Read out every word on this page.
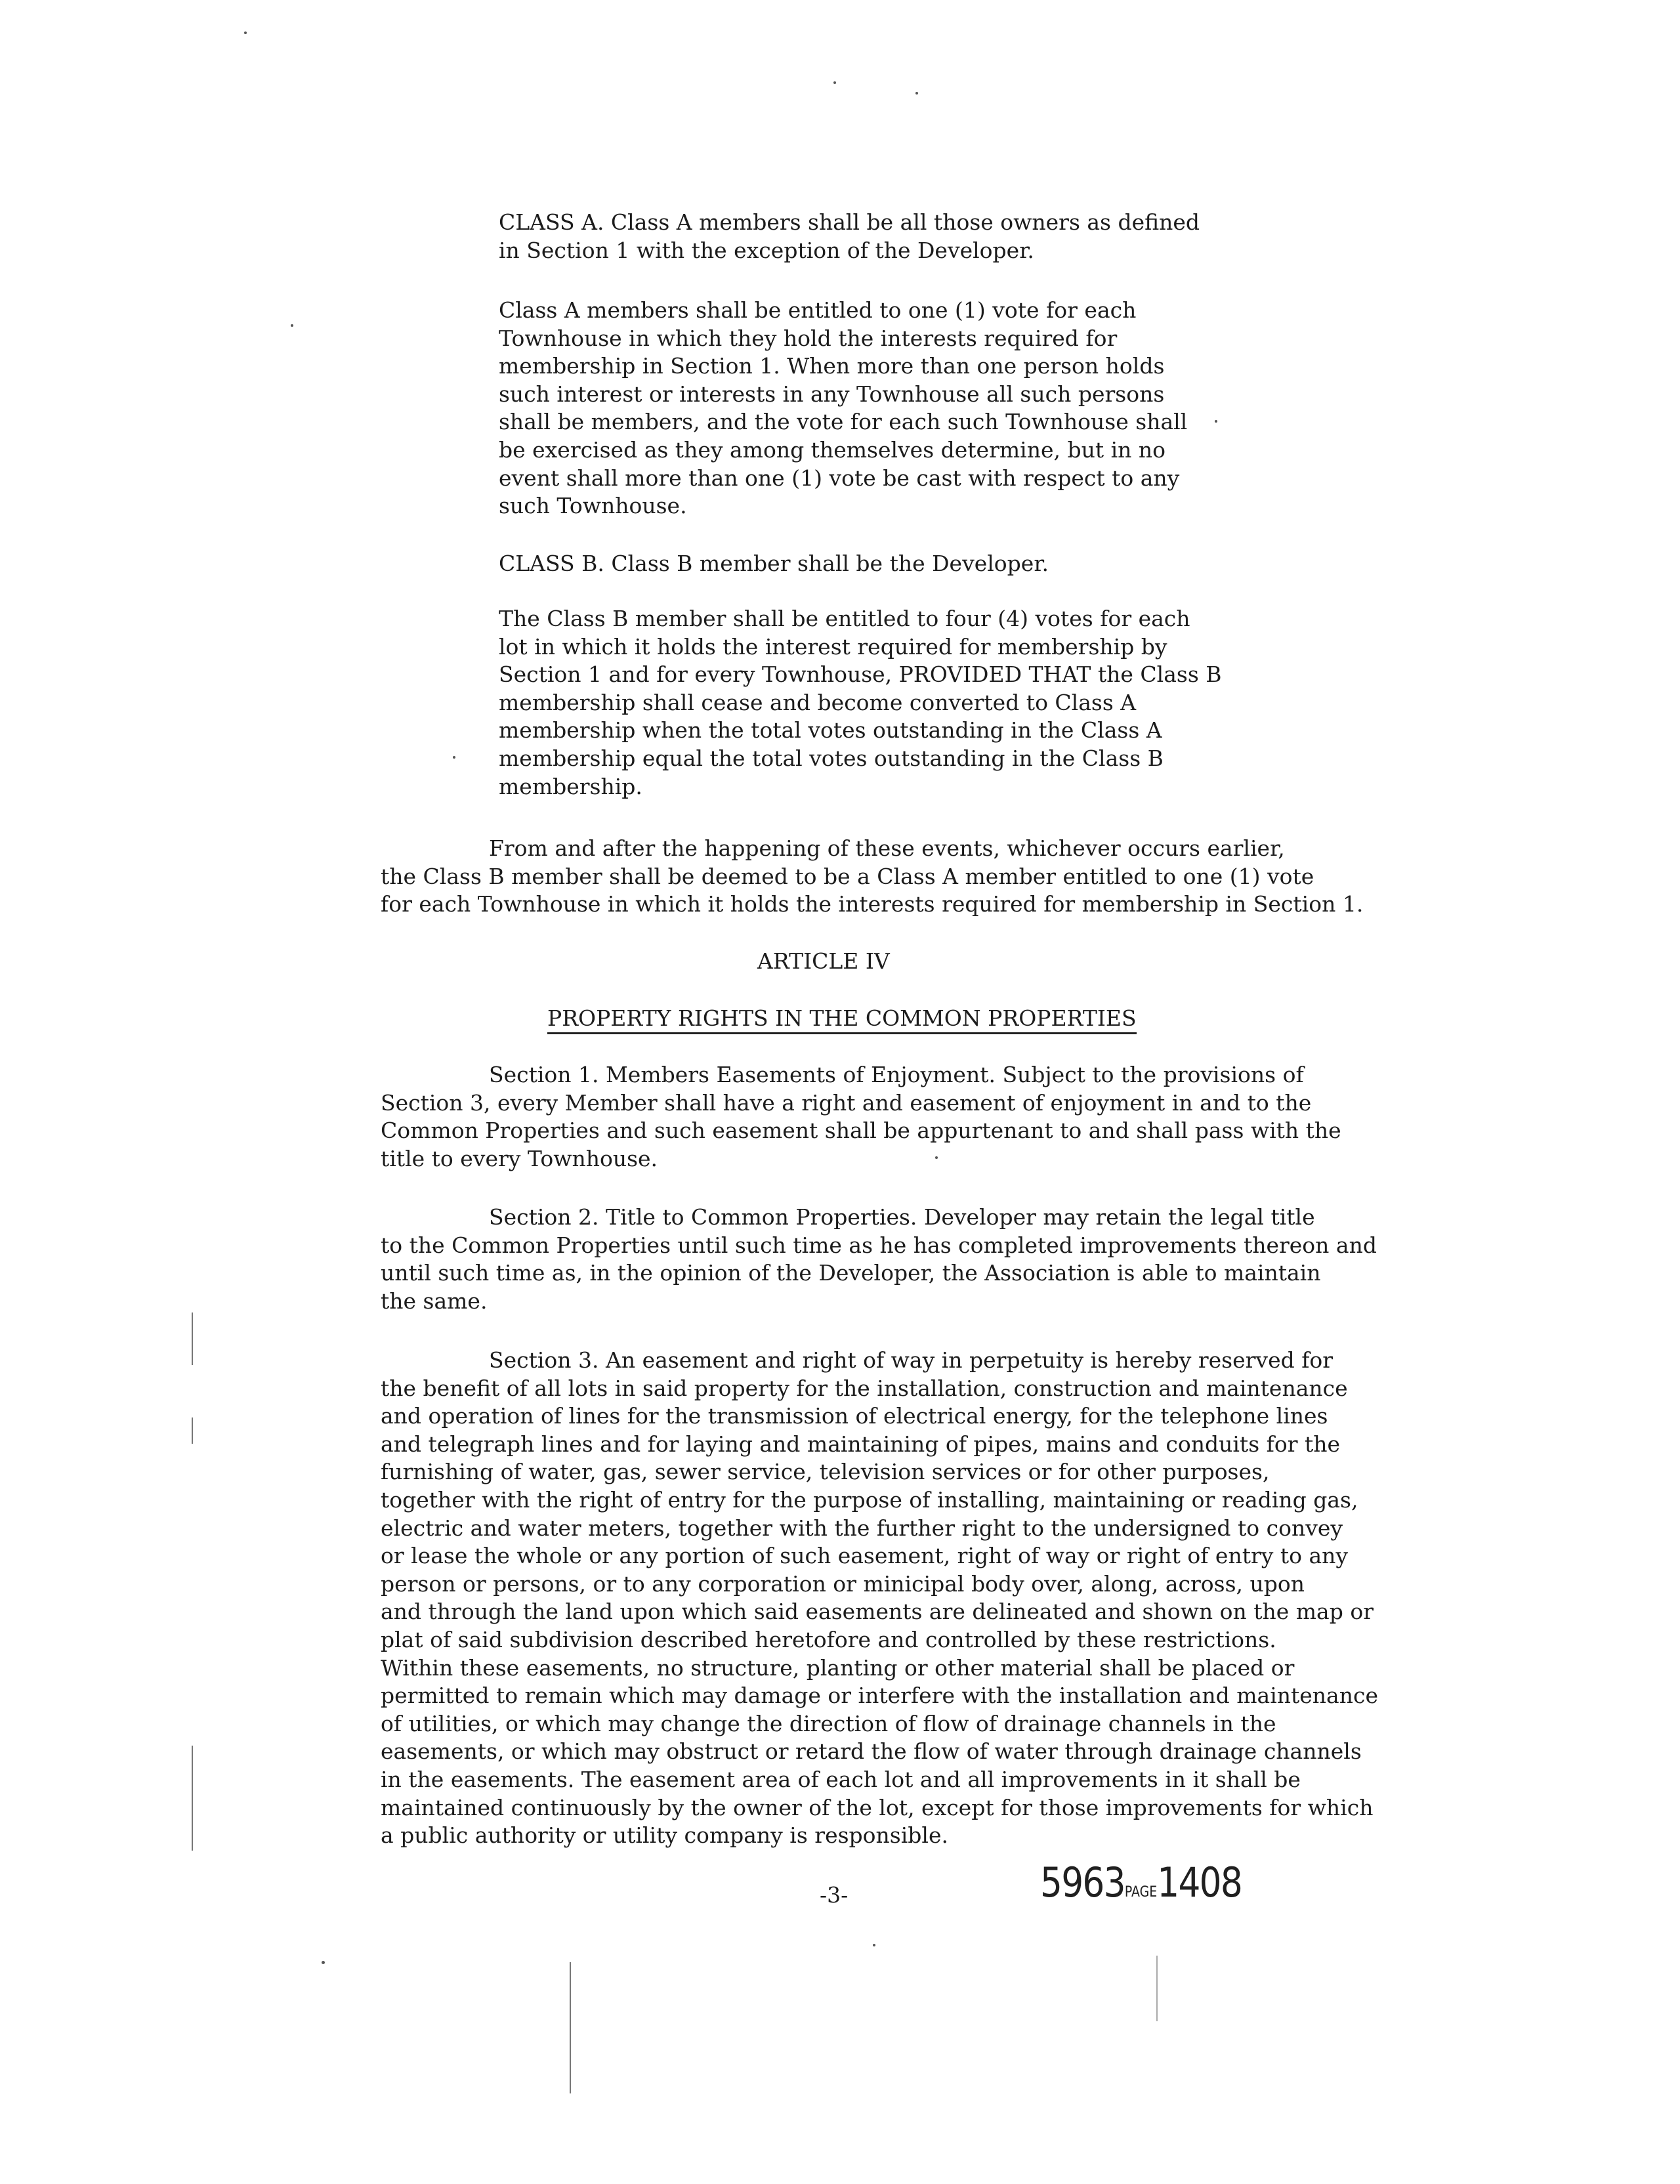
CLASS A. Class A members shall be all those owners as defined
in Section 1 with the exception of the Developer.
Class A members shall be entitled to one (1) vote for each
Townhouse in which they hold the interests required for
membership in Section 1. When more than one person holds
such interest or interests in any Townhouse all such persons
shall be members, and the vote for each such Townhouse shall
be exercised as they among themselves determine, but in no
event shall more than one (1) vote be cast with respect to any
such Townhouse.
CLASS B. Class B member shall be the Developer.
The Class B member shall be entitled to four (4) votes for each
lot in which it holds the interest required for membership by
Section 1 and for every Townhouse, PROVIDED THAT the Class B
membership shall cease and become converted to Class A
membership when the total votes outstanding in the Class A
membership equal the total votes outstanding in the Class B
membership.
From and after the happening of these events, whichever occurs earlier,
the Class B member shall be deemed to be a Class A member entitled to one (1) vote
for each Townhouse in which it holds the interests required for membership in Section 1.
ARTICLE IV
PROPERTY RIGHTS IN THE COMMON PROPERTIES
Section 1. Members Easements of Enjoyment. Subject to the provisions of
Section 3, every Member shall have a right and easement of enjoyment in and to the
Common Properties and such easement shall be appurtenant to and shall pass with the
title to every Townhouse.
Section 2. Title to Common Properties. Developer may retain the legal title
to the Common Properties until such time as he has completed improvements thereon and
until such time as, in the opinion of the Developer, the Association is able to maintain
the same.
Section 3. An easement and right of way in perpetuity is hereby reserved for
the benefit of all lots in said property for the installation, construction and maintenance
and operation of lines for the transmission of electrical energy, for the telephone lines
and telegraph lines and for laying and maintaining of pipes, mains and conduits for the
furnishing of water, gas, sewer service, television services or for other purposes,
together with the right of entry for the purpose of installing, maintaining or reading gas,
electric and water meters, together with the further right to the undersigned to convey
or lease the whole or any portion of such easement, right of way or right of entry to any
person or persons, or to any corporation or minicipal body over, along, across, upon
and through the land upon which said easements are delineated and shown on the map or
plat of said subdivision described heretofore and controlled by these restrictions.
Within these easements, no structure, planting or other material shall be placed or
permitted to remain which may damage or interfere with the installation and maintenance
of utilities, or which may change the direction of flow of drainage channels in the
easements, or which may obstruct or retard the flow of water through drainage channels
in the easements. The easement area of each lot and all improvements in it shall be
maintained continuously by the owner of the lot, except for those improvements for which
a public authority or utility company is responsible.
-3-	5963PAGE1408
